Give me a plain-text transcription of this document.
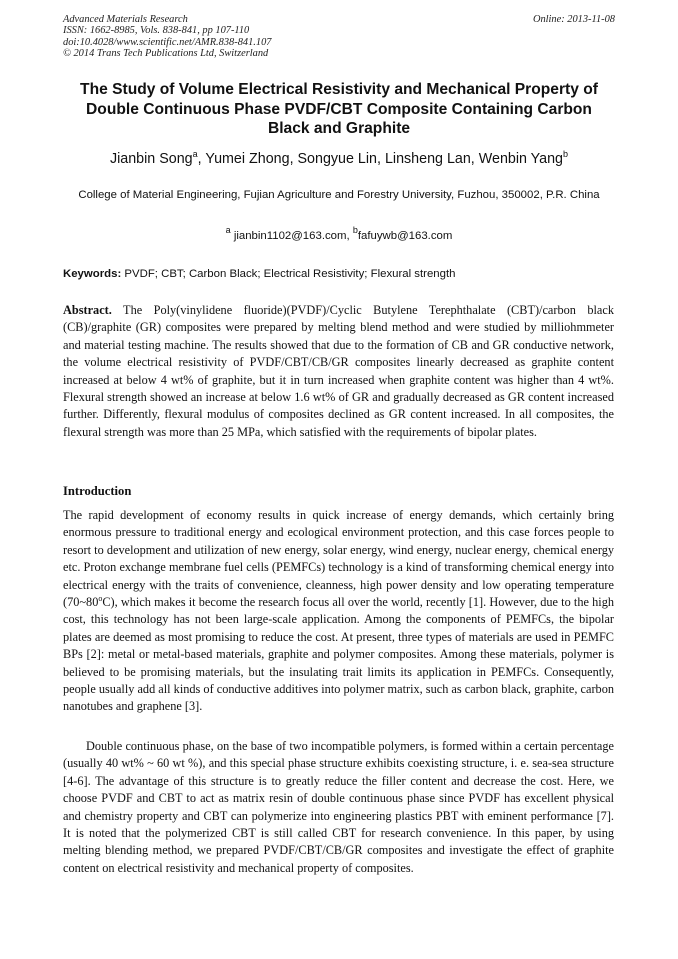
Advanced Materials Research
ISSN: 1662-8985, Vols. 838-841, pp 107-110
doi:10.4028/www.scientific.net/AMR.838-841.107
© 2014 Trans Tech Publications Ltd, Switzerland
Online: 2013-11-08
The Study of Volume Electrical Resistivity and Mechanical Property of Double Continuous Phase PVDF/CBT Composite Containing Carbon Black and Graphite
Jianbin Song$^a$, Yumei Zhong, Songyue Lin, Linsheng Lan, Wenbin Yang$^b$
College of Material Engineering, Fujian Agriculture and Forestry University, Fuzhou, 350002, P.R. China
$^a$ jianbin1102@163.com, $^b$fafuywb@163.com
Keywords: PVDF; CBT; Carbon Black; Electrical Resistivity; Flexural strength
Abstract. The Poly(vinylidene fluoride)(PVDF)/Cyclic Butylene Terephthalate (CBT)/carbon black (CB)/graphite (GR) composites were prepared by melting blend method and were studied by milliohmmeter and material testing machine. The results showed that due to the formation of CB and GR conductive network, the volume electrical resistivity of PVDF/CBT/CB/GR composites linearly decreased as graphite content increased at below 4 wt% of graphite, but it in turn increased when graphite content was higher than 4 wt%. Flexural strength showed an increase at below 1.6 wt% of GR and gradually decreased as GR content increased further. Differently, flexural modulus of composites declined as GR content increased. In all composites, the flexural strength was more than 25 MPa, which satisfied with the requirements of bipolar plates.
Introduction
The rapid development of economy results in quick increase of energy demands, which certainly bring enormous pressure to traditional energy and ecological environment protection, and this case forces people to resort to development and utilization of new energy, solar energy, wind energy, nuclear energy, chemical energy etc. Proton exchange membrane fuel cells (PEMFCs) technology is a kind of transforming chemical energy into electrical energy with the traits of convenience, cleanness, high power density and low operating temperature (70~80$^o$C), which makes it become the research focus all over the world, recently [1]. However, due to the high cost, this technology has not been large-scale application. Among the components of PEMFCs, the bipolar plates are deemed as most promising to reduce the cost. At present, three types of materials are used in PEMFC BPs [2]: metal or metal-based materials, graphite and polymer composites. Among these materials, polymer is believed to be promising materials, but the insulating trait limits its application in PEMFCs. Consequently, people usually add all kinds of conductive additives into polymer matrix, such as carbon black, graphite, carbon nanotubes and graphene [3].
Double continuous phase, on the base of two incompatible polymers, is formed within a certain percentage (usually 40 wt% ~ 60 wt %), and this special phase structure exhibits coexisting structure, i. e. sea-sea structure [4-6]. The advantage of this structure is to greatly reduce the filler content and decrease the cost. Here, we choose PVDF and CBT to act as matrix resin of double continuous phase since PVDF has excellent physical and chemistry property and CBT can polymerize into engineering plastics PBT with eminent performance [7]. It is noted that the polymerized CBT is still called CBT for research convenience. In this paper, by using melting blending method, we prepared PVDF/CBT/CB/GR composites and investigate the effect of graphite content on electrical resistivity and mechanical property of composites.
